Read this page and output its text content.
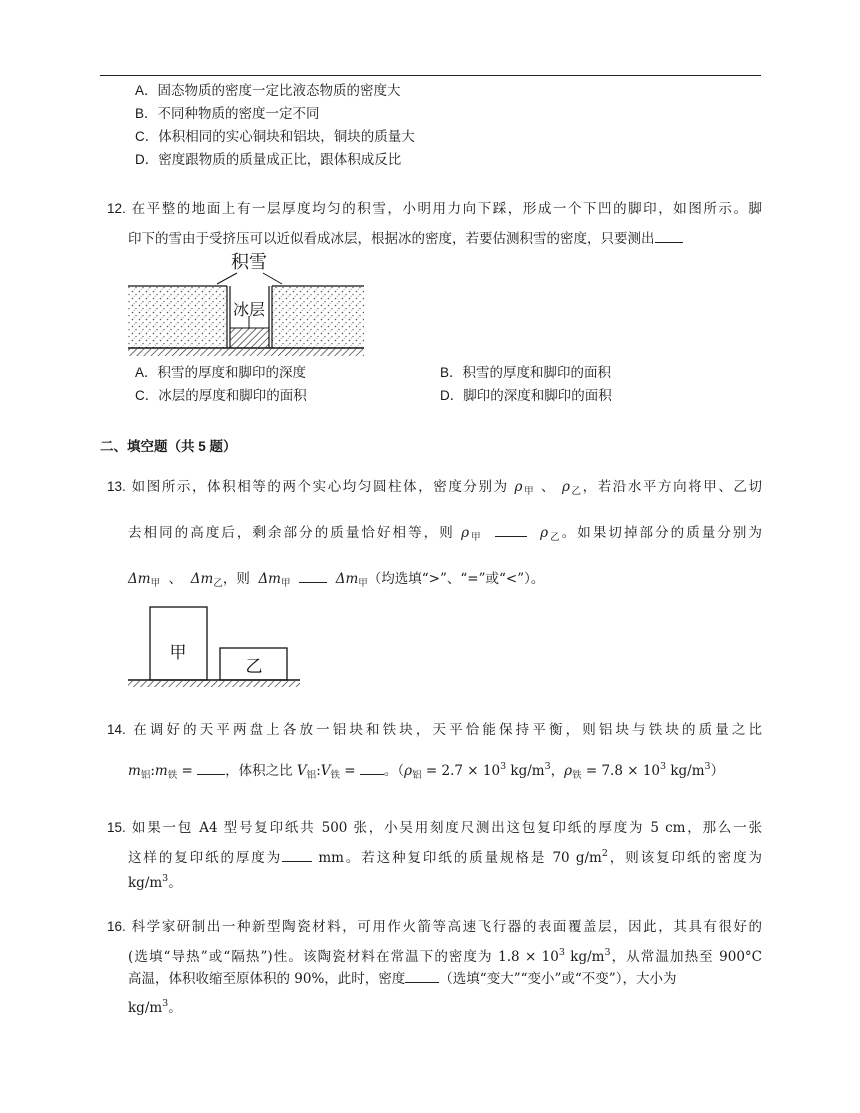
A．固态物质的密度一定比液态物质的密度大
B．不同种物质的密度一定不同
C．体积相同的实心铜块和铝块，铜块的质量大
D．密度跟物质的质量成正比，跟体积成反比
12. 在平整的地面上有一层厚度均匀的积雪，小明用力向下踩，形成一个下凹的脚印，如图所示。脚
印下的雪由于受挤压可以近似看成冰层，根据冰的密度，若要估测积雪的密度，只要测出
积雪
冰层
A．积雪的厚度和脚印的深度	B．积雪的厚度和脚印的面积
C．冰层的厚度和脚印的面积	D．脚印的深度和脚印的面积
二、填空题（共 5 题）
13. 如图所示，体积相等的两个实心均匀圆柱体，密度分别为 $\rho_甲$ 、 $\rho_乙$，若沿水平方向将甲、乙切
去相同的高度后，剩余部分的质量恰好相等，则 $\rho_甲$	$\rho_乙$。如果切掉部分的质量分别为
$\Delta m_甲$ 、 $\Delta m_乙$，则 $\Delta m_甲$	$\Delta m_甲$（均选填“>”、“=”或“<”）。
甲
乙
14. 在调好的天平两盘上各放一铝块和铁块，天平恰能保持平衡，则铝块与铁块的质量之比
$m_铝:m_铁$ = ，体积之比 $V_铝:V_铁$ = 。（$\rho_铝 = 2.7 \times 10^3$ $kg/m^3$，$\rho_铁 = 7.8 \times 10^3$ $kg/m^3$）
15. 如果一包 A4 型号复印纸共 500 张，小吴用刻度尺测出这包复印纸的厚度为 5 cm，那么一张
这样的复印纸的厚度为 mm。若这种复印纸的质量规格是 70 $g/m^2$，则该复印纸的密度为
$kg/m^3$。
16. 科学家研制出一种新型陶瓷材料，可用作火箭等高速飞行器的表面覆盖层，因此，其具有很好的
(选填“导热”或“隔热”)性。该陶瓷材料在常温下的密度为 $1.8 \times 10^3$ $kg/m^3$，从常温加热至 900°C
高温，体积收缩至原体积的 90%，此时，密度	（选填“变大”“变小”或“不变”），大小为
$kg/m^3$。
